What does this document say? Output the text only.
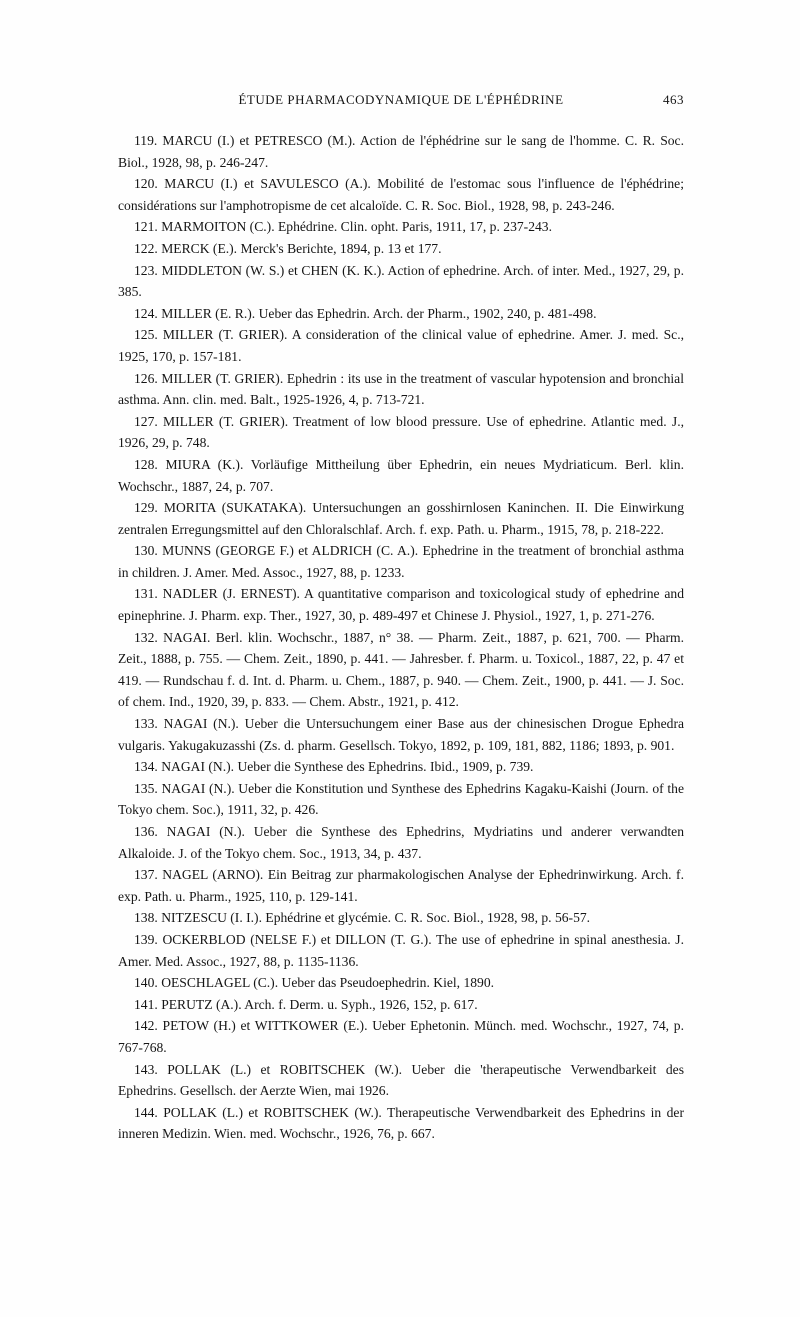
ÉTUDE PHARMACODYNAMIQUE DE L'ÉPHÉDRINE	463

119. MARCU (I.) et PETRESCO (M.). Action de l'éphédrine sur le sang de l'homme. C. R. Soc. Biol., 1928, 98, p. 246-247.

120. MARCU (I.) et SAVULESCO (A.). Mobilité de l'estomac sous l'influence de l'éphédrine; considérations sur l'amphotropisme de cet alcaloïde. C. R. Soc. Biol., 1928, 98, p. 243-246.

121. MARMOITON (C.). Ephédrine. Clin. opht. Paris, 1911, 17, p. 237-243.

122. MERCK (E.). Merck's Berichte, 1894, p. 13 et 177.

123. MIDDLETON (W. S.) et CHEN (K. K.). Action of ephedrine. Arch. of inter. Med., 1927, 29, p. 385.

124. MILLER (E. R.). Ueber das Ephedrin. Arch. der Pharm., 1902, 240, p. 481-498.

125. MILLER (T. GRIER). A consideration of the clinical value of ephedrine. Amer. J. med. Sc., 1925, 170, p. 157-181.

126. MILLER (T. GRIER). Ephedrin : its use in the treatment of vascular hypotension and bronchial asthma. Ann. clin. med. Balt., 1925-1926, 4, p. 713-721.

127. MILLER (T. GRIER). Treatment of low blood pressure. Use of ephedrine. Atlantic med. J., 1926, 29, p. 748.

128. MIURA (K.). Vorläufige Mittheilung über Ephedrin, ein neues Mydriaticum. Berl. klin. Wochschr., 1887, 24, p. 707.

129. MORITA (SUKATAKA). Untersuchungen an gosshirnlosen Kaninchen. II. Die Einwirkung zentralen Erregungsmittel auf den Chloralschlaf. Arch. f. exp. Path. u. Pharm., 1915, 78, p. 218-222.

130. MUNNS (GEORGE F.) et ALDRICH (C. A.). Ephedrine in the treatment of bronchial asthma in children. J. Amer. Med. Assoc., 1927, 88, p. 1233.

131. NADLER (J. ERNEST). A quantitative comparison and toxicological study of ephedrine and epinephrine. J. Pharm. exp. Ther., 1927, 30, p. 489-497 et Chinese J. Physiol., 1927, 1, p. 271-276.

132. NAGAI. Berl. klin. Wochschr., 1887, n° 38. — Pharm. Zeit., 1887, p. 621, 700. — Pharm. Zeit., 1888, p. 755. — Chem. Zeit., 1890, p. 441. — Jahresber. f. Pharm. u. Toxicol., 1887, 22, p. 47 et 419. — Rundschau f. d. Int. d. Pharm. u. Chem., 1887, p. 940. — Chem. Zeit., 1900, p. 441. — J. Soc. of chem. Ind., 1920, 39, p. 833. — Chem. Abstr., 1921, p. 412.

133. NAGAI (N.). Ueber die Untersuchungem einer Base aus der chinesischen Drogue Ephedra vulgaris. Yakugakuzasshi (Zs. d. pharm. Gesellsch. Tokyo, 1892, p. 109, 181, 882, 1186; 1893, p. 901.

134. NAGAI (N.). Ueber die Synthese des Ephedrins. Ibid., 1909, p. 739.

135. NAGAI (N.). Ueber die Konstitution und Synthese des Ephedrins Kagaku-Kaishi (Journ. of the Tokyo chem. Soc.), 1911, 32, p. 426.

136. NAGAI (N.). Ueber die Synthese des Ephedrins, Mydriatins und anderer verwandten Alkaloide. J. of the Tokyo chem. Soc., 1913, 34, p. 437.

137. NAGEL (ARNO). Ein Beitrag zur pharmakologischen Analyse der Ephedrinwirkung. Arch. f. exp. Path. u. Pharm., 1925, 110, p. 129-141.

138. NITZESCU (I. I.). Ephédrine et glycémie. C. R. Soc. Biol., 1928, 98, p. 56-57.

139. OCKERBLOD (NELSE F.) et DILLON (T. G.). The use of ephedrine in spinal anesthesia. J. Amer. Med. Assoc., 1927, 88, p. 1135-1136.

140. OESCHLAGEL (C.). Ueber das Pseudoephedrin. Kiel, 1890.

141. PERUTZ (A.). Arch. f. Derm. u. Syph., 1926, 152, p. 617.

142. PETOW (H.) et WITTKOWER (E.). Ueber Ephetonin. Münch. med. Wochschr., 1927, 74, p. 767-768.

143. POLLAK (L.) et ROBITSCHEK (W.). Ueber die 'therapeutische Verwendbarkeit des Ephedrins. Gesellsch. der Aerzte Wien, mai 1926.

144. POLLAK (L.) et ROBITSCHEK (W.). Therapeutische Verwendbarkeit des Ephedrins in der inneren Medizin. Wien. med. Wochschr., 1926, 76, p. 667.
